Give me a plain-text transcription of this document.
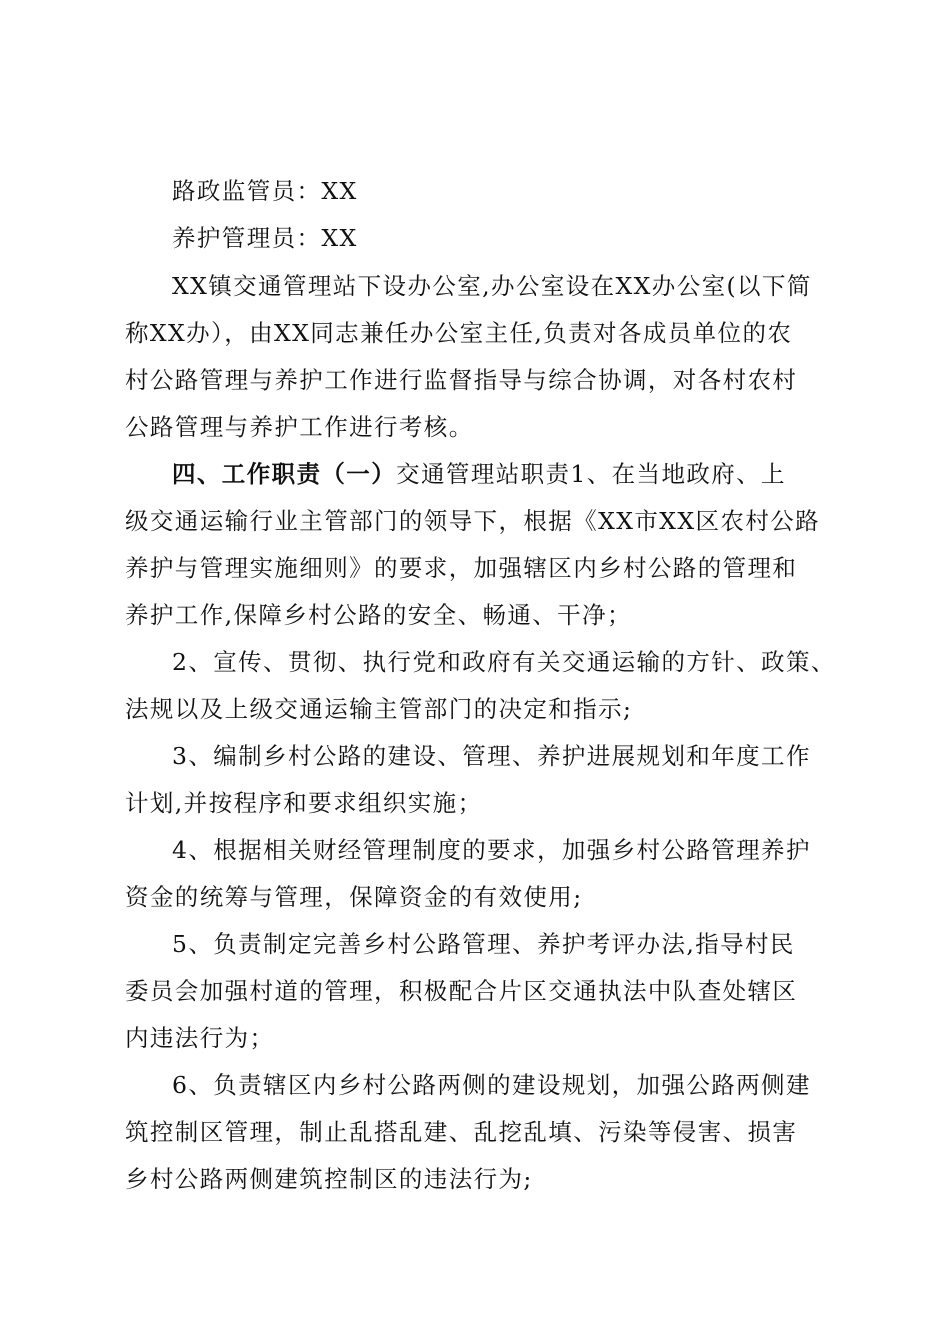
路政监管员：XX
养护管理员：XX
XX镇交通管理站下设办公室,办公室设在XX办公室(以下简
称XX办），由XX同志兼任办公室主任,负责对各成员单位的农
村公路管理与养护工作进行监督指导与综合协调，对各村农村
公路管理与养护工作进行考核。
四、工作职责（一）交通管理站职责1、在当地政府、上
级交通运输行业主管部门的领导下，根据《XX市XX区农村公路
养护与管理实施细则》的要求，加强辖区内乡村公路的管理和
养护工作,保障乡村公路的安全、畅通、干净；
2、宣传、贯彻、执行党和政府有关交通运输的方针、政策、
法规以及上级交通运输主管部门的决定和指示;
3、编制乡村公路的建设、管理、养护进展规划和年度工作
计划,并按程序和要求组织实施；
4、根据相关财经管理制度的要求，加强乡村公路管理养护
资金的统筹与管理，保障资金的有效使用;
5、负责制定完善乡村公路管理、养护考评办法,指导村民
委员会加强村道的管理，积极配合片区交通执法中队查处辖区
内违法行为；
6、负责辖区内乡村公路两侧的建设规划，加强公路两侧建
筑控制区管理，制止乱搭乱建、乱挖乱填、污染等侵害、损害
乡村公路两侧建筑控制区的违法行为;
